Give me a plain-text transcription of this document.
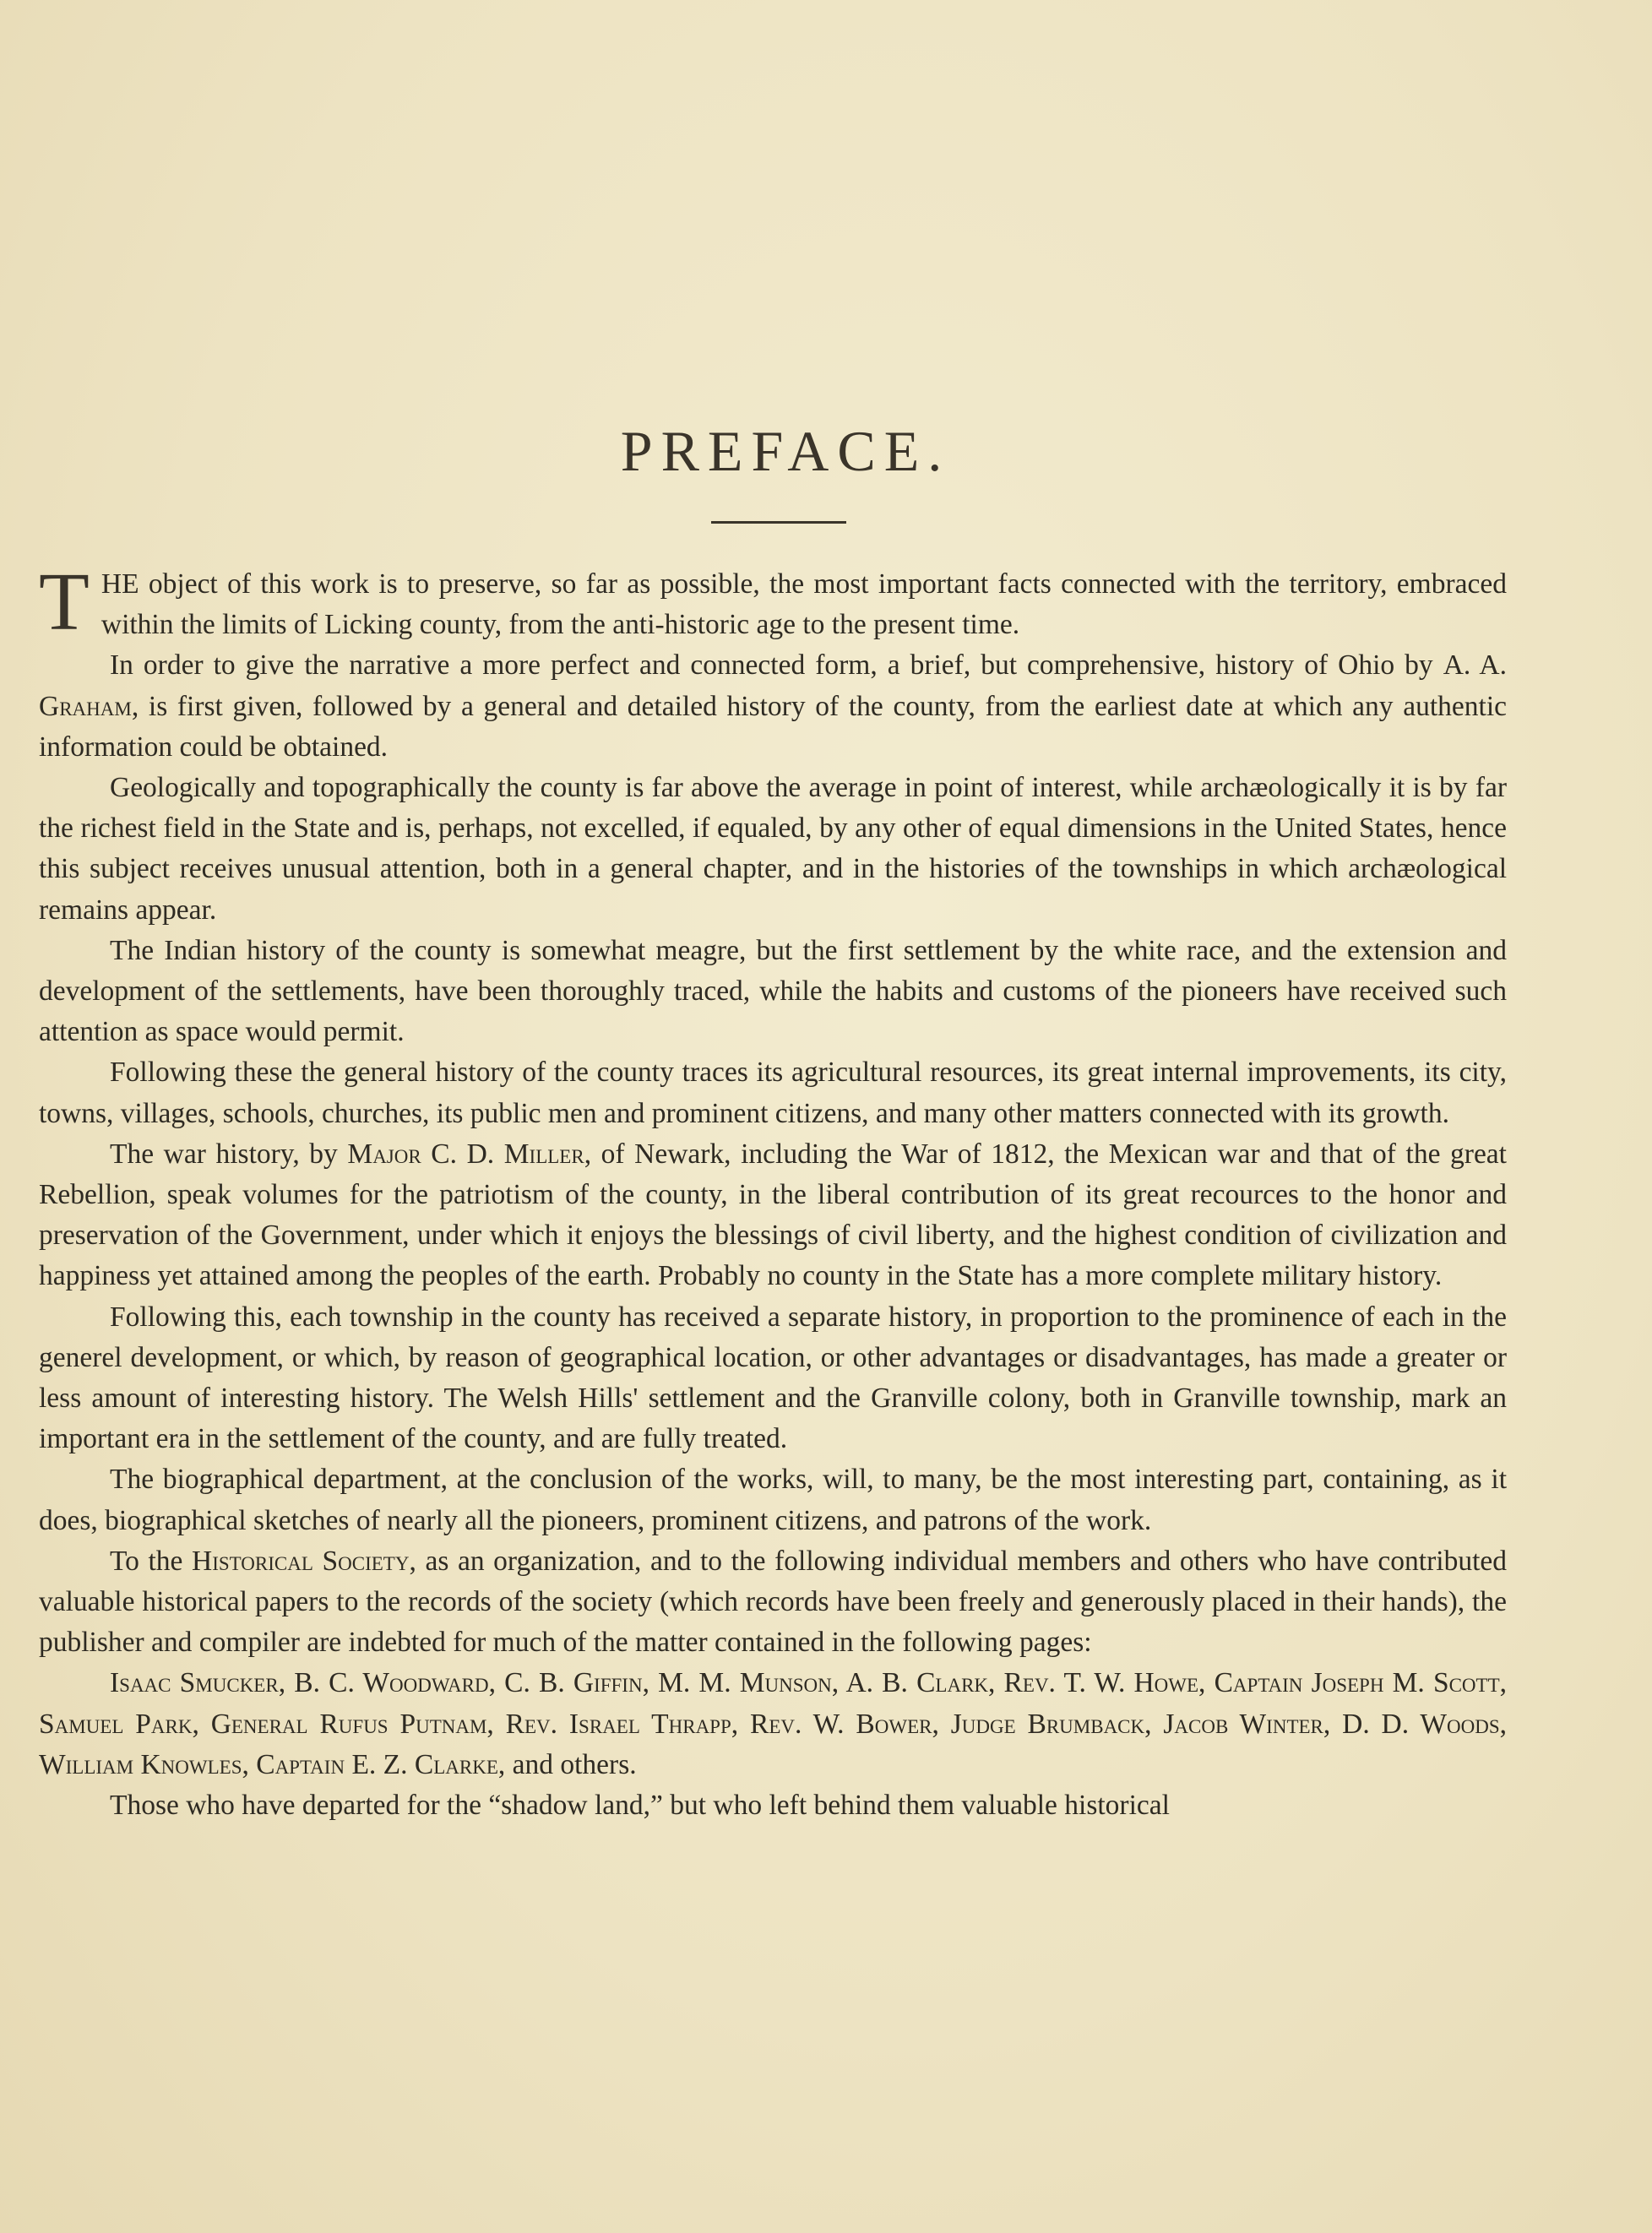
PREFACE.

THE object of this work is to preserve, so far as possible, the most important facts connected with the territory, embraced within the limits of Licking county, from the anti-historic age to the present time.

In order to give the narrative a more perfect and connected form, a brief, but comprehensive, history of Ohio by A. A. Graham, is first given, followed by a general and detailed history of the county, from the earliest date at which any authentic information could be obtained.

Geologically and topographically the county is far above the average in point of interest, while archæologically it is by far the richest field in the State and is, perhaps, not excelled, if equaled, by any other of equal dimensions in the United States, hence this subject receives unusual attention, both in a general chapter, and in the histories of the townships in which archæological remains appear.

The Indian history of the county is somewhat meagre, but the first settlement by the white race, and the extension and development of the settlements, have been thoroughly traced, while the habits and customs of the pioneers have received such attention as space would permit.

Following these the general history of the county traces its agricultural resources, its great internal improvements, its city, towns, villages, schools, churches, its public men and prominent citizens, and many other matters connected with its growth.

The war history, by Major C. D. Miller, of Newark, including the War of 1812, the Mexican war and that of the great Rebellion, speak volumes for the patriotism of the county, in the liberal contribution of its great recources to the honor and preservation of the Government, under which it enjoys the blessings of civil liberty, and the highest condition of civilization and happiness yet attained among the peoples of the earth. Probably no county in the State has a more complete military history.

Following this, each township in the county has received a separate history, in proportion to the prominence of each in the generel development, or which, by reason of geographical location, or other advantages or disadvantages, has made a greater or less amount of interesting history. The Welsh Hills' settlement and the Granville colony, both in Granville township, mark an important era in the settlement of the county, and are fully treated.

The biographical department, at the conclusion of the works, will, to many, be the most interesting part, containing, as it does, biographical sketches of nearly all the pioneers, prominent citizens, and patrons of the work.

To the Historical Society, as an organization, and to the following individual members and others who have contributed valuable historical papers to the records of the society (which records have been freely and generously placed in their hands), the publisher and compiler are indebted for much of the matter contained in the following pages:

Isaac Smucker, B. C. Woodward, C. B. Giffin, M. M. Munson, A. B. Clark, Rev. T. W. Howe, Captain Joseph M. Scott, Samuel Park, General Rufus Putnam, Rev. Israel Thrapp, Rev. W. Bower, Judge Brumback, Jacob Winter, D. D. Woods, William Knowles, Captain E. Z. Clarke, and others.

Those who have departed for the “shadow land,” but who left behind them valuable historical
